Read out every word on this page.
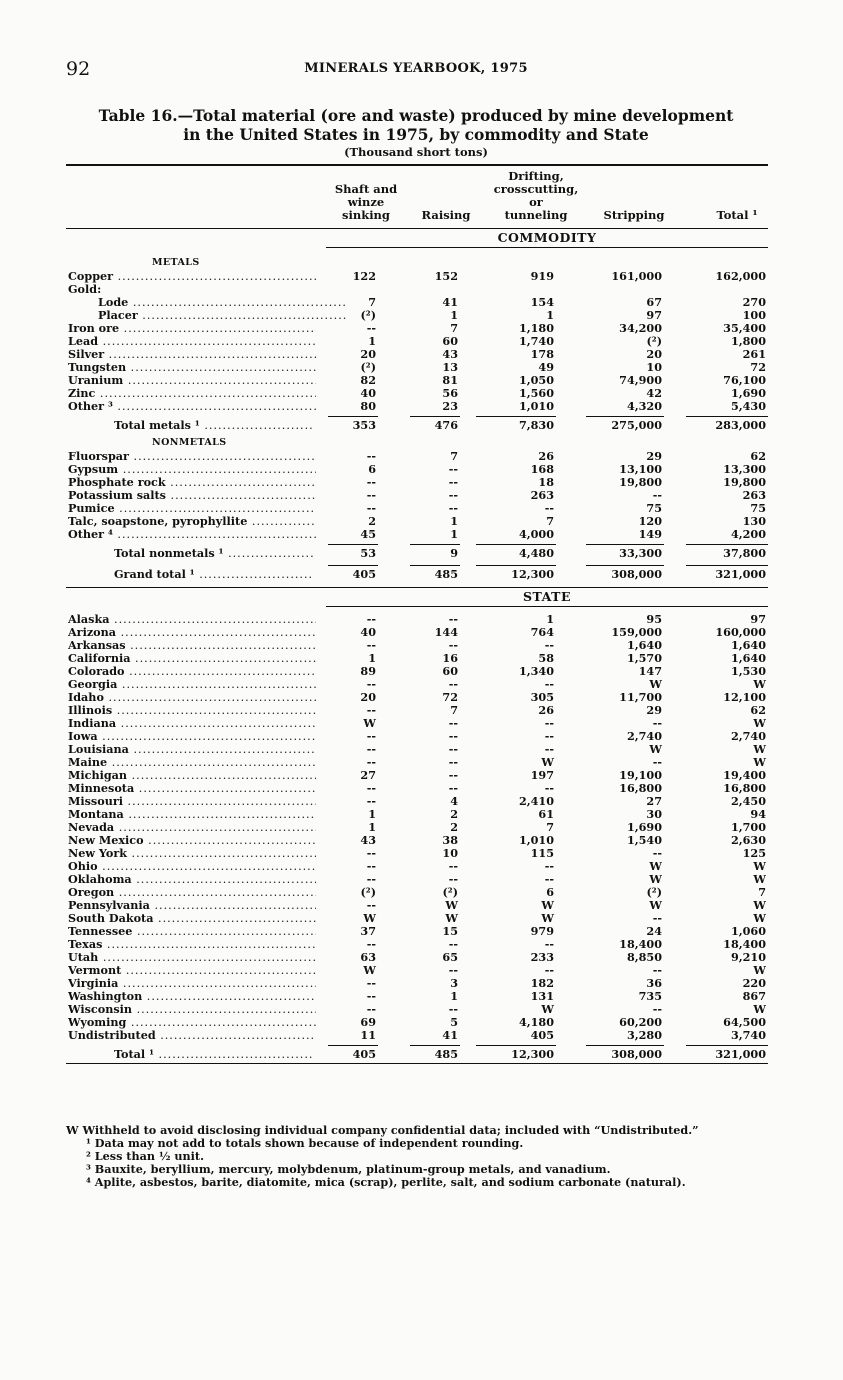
92	MINERALS YEARBOOK, 1975
Table 16.—Total material (ore and waste) produced by mine development
in the United States in 1975, by commodity and State
(Thousand short tons)
Shaft and
winze
sinking	Raising
Drifting,
crosscutting,
or
tunneling	Stripping	Total ¹
COMMODITY
METALS
Copper .....	122	152	919	161,000	162,000
Gold:
Lode .....	7	41	154	67	270
Placer .....	(²)	1	1	97	100
Iron ore .....	--	7	1,180	34,200	35,400
Lead .....	1	60	1,740	(²)	1,800
Silver .....	20	43	178	20	261
Tungsten .....	(²)	13	49	10	72
Uranium .....	82	81	1,050	74,900	76,100
Zinc .....	40	56	1,560	42	1,690
Other ³ .....	80	23	1,010	4,320	5,430
Total metals ¹ .....	353	476	7,830	275,000	283,000
NONMETALS
Fluorspar .....	--	7	26	29	62
Gypsum .....	6	--	168	13,100	13,300
Phosphate rock .....	--	--	18	19,800	19,800
Potassium salts .....	--	--	263	--	263
Pumice .....	--	--	--	75	75
Talc, soapstone, pyrophyllite .....	2	1	7	120	130
Other ⁴ .....	45	1	4,000	149	4,200
Total nonmetals ¹ .....	53	9	4,480	33,300	37,800
Grand total ¹ .....	405	485	12,300	308,000	321,000
STATE
Alaska .....	--	--	1	95	97
Arizona .....	40	144	764	159,000	160,000
Arkansas .....	--	--	--	1,640	1,640
California .....	1	16	58	1,570	1,640
Colorado .....	89	60	1,340	147	1,530
Georgia .....	--	--	--	W	W
Idaho .....	20	72	305	11,700	12,100
Illinois .....	--	7	26	29	62
Indiana .....	W	--	--	--	W
Iowa .....	--	--	--	2,740	2,740
Louisiana .....	--	--	--	W	W
Maine .....	--	--	W	--	W
Michigan .....	27	--	197	19,100	19,400
Minnesota .....	--	--	--	16,800	16,800
Missouri .....	--	4	2,410	27	2,450
Montana .....	1	2	61	30	94
Nevada .....	1	2	7	1,690	1,700
New Mexico .....	43	38	1,010	1,540	2,630
New York .....	--	10	115	--	125
Ohio .....	--	--	--	W	W
Oklahoma .....	--	--	--	W	W
Oregon .....	(²)	(²)	6	(²)	7
Pennsylvania .....	--	W	W	W	W
South Dakota .....	W	W	W	--	W
Tennessee .....	37	15	979	24	1,060
Texas .....	--	--	--	18,400	18,400
Utah .....	63	65	233	8,850	9,210
Vermont .....	W	--	--	--	W
Virginia .....	--	3	182	36	220
Washington .....	--	1	131	735	867
Wisconsin .....	--	--	W	--	W
Wyoming .....	69	5	4,180	60,200	64,500
Undistributed .....	11	41	405	3,280	3,740
Total ¹ .....	405	485	12,300	308,000	321,000

W Withheld to avoid disclosing individual company confidential data; included with “Undistributed.”

¹ Data may not add to totals shown because of independent rounding.

² Less than ½ unit.

³ Bauxite, beryllium, mercury, molybdenum, platinum-group metals, and vanadium.

⁴ Aplite, asbestos, barite, diatomite, mica (scrap), perlite, salt, and sodium carbonate (natural).
